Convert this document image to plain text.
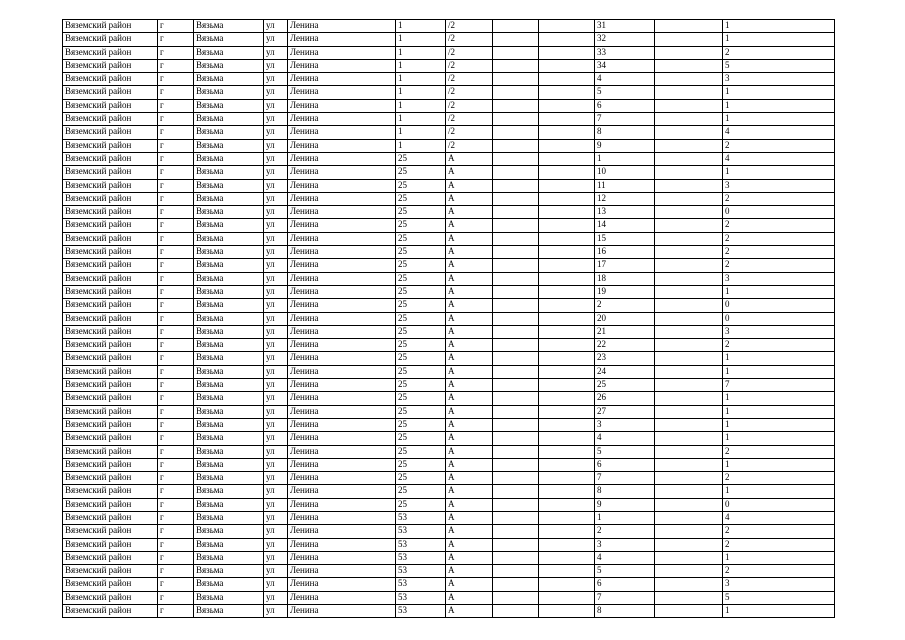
Вяземский район	г	Вязьма	ул	Ленина	1	/2			31		1
Вяземский район	г	Вязьма	ул	Ленина	1	/2			32		1
Вяземский район	г	Вязьма	ул	Ленина	1	/2			33		2
Вяземский район	г	Вязьма	ул	Ленина	1	/2			34		5
Вяземский район	г	Вязьма	ул	Ленина	1	/2			4		3
Вяземский район	г	Вязьма	ул	Ленина	1	/2			5		1
Вяземский район	г	Вязьма	ул	Ленина	1	/2			6		1
Вяземский район	г	Вязьма	ул	Ленина	1	/2			7		1
Вяземский район	г	Вязьма	ул	Ленина	1	/2			8		4
Вяземский район	г	Вязьма	ул	Ленина	1	/2			9		2
Вяземский район	г	Вязьма	ул	Ленина	25	А			1		4
Вяземский район	г	Вязьма	ул	Ленина	25	А			10		1
Вяземский район	г	Вязьма	ул	Ленина	25	А			11		3
Вяземский район	г	Вязьма	ул	Ленина	25	А			12		2
Вяземский район	г	Вязьма	ул	Ленина	25	А			13		0
Вяземский район	г	Вязьма	ул	Ленина	25	А			14		2
Вяземский район	г	Вязьма	ул	Ленина	25	А			15		2
Вяземский район	г	Вязьма	ул	Ленина	25	А			16		2
Вяземский район	г	Вязьма	ул	Ленина	25	А			17		2
Вяземский район	г	Вязьма	ул	Ленина	25	А			18		3
Вяземский район	г	Вязьма	ул	Ленина	25	А			19		1
Вяземский район	г	Вязьма	ул	Ленина	25	А			2		0
Вяземский район	г	Вязьма	ул	Ленина	25	А			20		0
Вяземский район	г	Вязьма	ул	Ленина	25	А			21		3
Вяземский район	г	Вязьма	ул	Ленина	25	А			22		2
Вяземский район	г	Вязьма	ул	Ленина	25	А			23		1
Вяземский район	г	Вязьма	ул	Ленина	25	А			24		1
Вяземский район	г	Вязьма	ул	Ленина	25	А			25		7
Вяземский район	г	Вязьма	ул	Ленина	25	А			26		1
Вяземский район	г	Вязьма	ул	Ленина	25	А			27		1
Вяземский район	г	Вязьма	ул	Ленина	25	А			3		1
Вяземский район	г	Вязьма	ул	Ленина	25	А			4		1
Вяземский район	г	Вязьма	ул	Ленина	25	А			5		2
Вяземский район	г	Вязьма	ул	Ленина	25	А			6		1
Вяземский район	г	Вязьма	ул	Ленина	25	А			7		2
Вяземский район	г	Вязьма	ул	Ленина	25	А			8		1
Вяземский район	г	Вязьма	ул	Ленина	25	А			9		0
Вяземский район	г	Вязьма	ул	Ленина	53	А			1		4
Вяземский район	г	Вязьма	ул	Ленина	53	А			2		2
Вяземский район	г	Вязьма	ул	Ленина	53	А			3		2
Вяземский район	г	Вязьма	ул	Ленина	53	А			4		1
Вяземский район	г	Вязьма	ул	Ленина	53	А			5		2
Вяземский район	г	Вязьма	ул	Ленина	53	А			6		3
Вяземский район	г	Вязьма	ул	Ленина	53	А			7		5
Вяземский район	г	Вязьма	ул	Ленина	53	А			8		1
